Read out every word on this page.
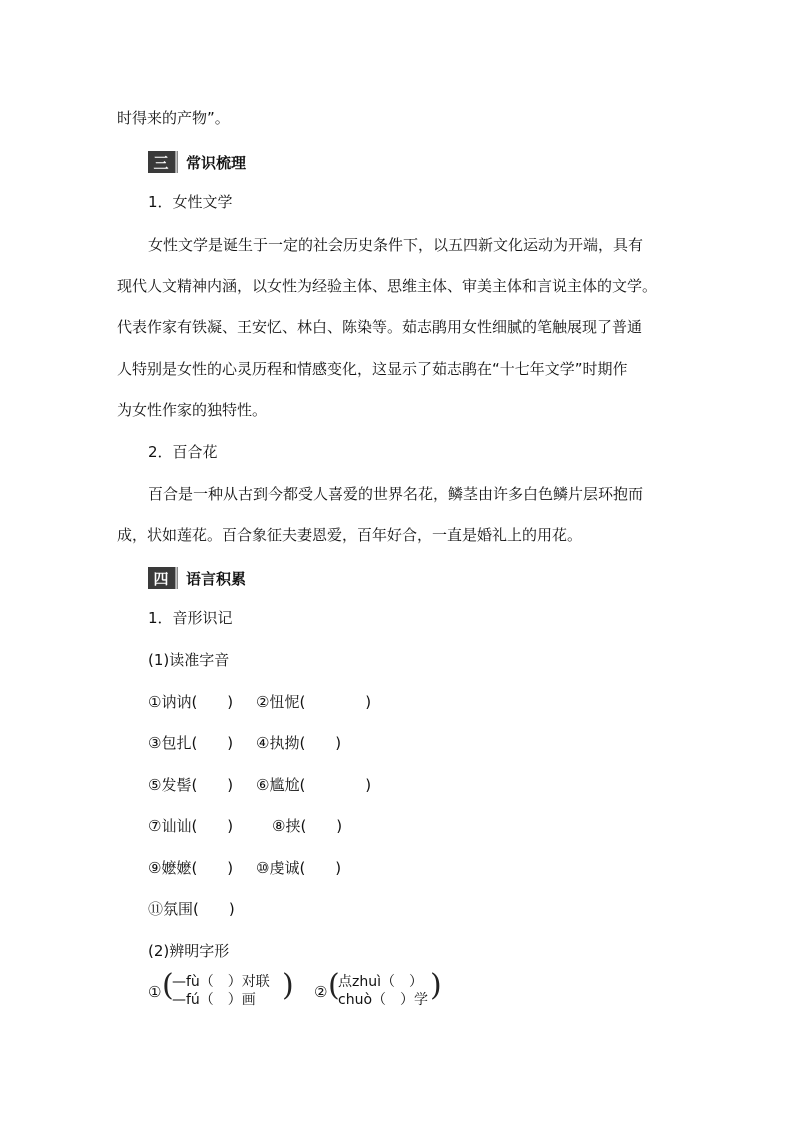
时得来的产物”。
三	常识梳理
1．女性文学
女性文学是诞生于一定的社会历史条件下，以五四新文化运动为开端，具有
现代人文精神内涵，以女性为经验主体、思维主体、审美主体和言说主体的文学。
代表作家有铁凝、王安忆、林白、陈染等。茹志鹃用女性细腻的笔触展现了普通
人特别是女性的心灵历程和情感变化，这显示了茹志鹃在“十七年文学”时期作
为女性作家的独特性。
2．百合花
百合是一种从古到今都受人喜爱的世界名花，鳞茎由许多白色鳞片层环抱而
成，状如莲花。百合象征夫妻恩爱，百年好合，一直是婚礼上的用花。
四	语言积累
1．音形识记
(1)读准字音
①讷讷(　　) ②忸怩(　　　　)
③包扎(　　) ④执拗(　　)
⑤发髻(　　) ⑥尴尬(　　　　)
⑦讪讪(　　)	⑧挟(　　)
⑨嬷嬷(　　) ⑩虔诚(　　)
⑪氛围(　　)
(2)辨明字形
① (
—fù（　）对联
—fú（　）画 ) ② (
点zhuì（　）
chuò（　）学 )
